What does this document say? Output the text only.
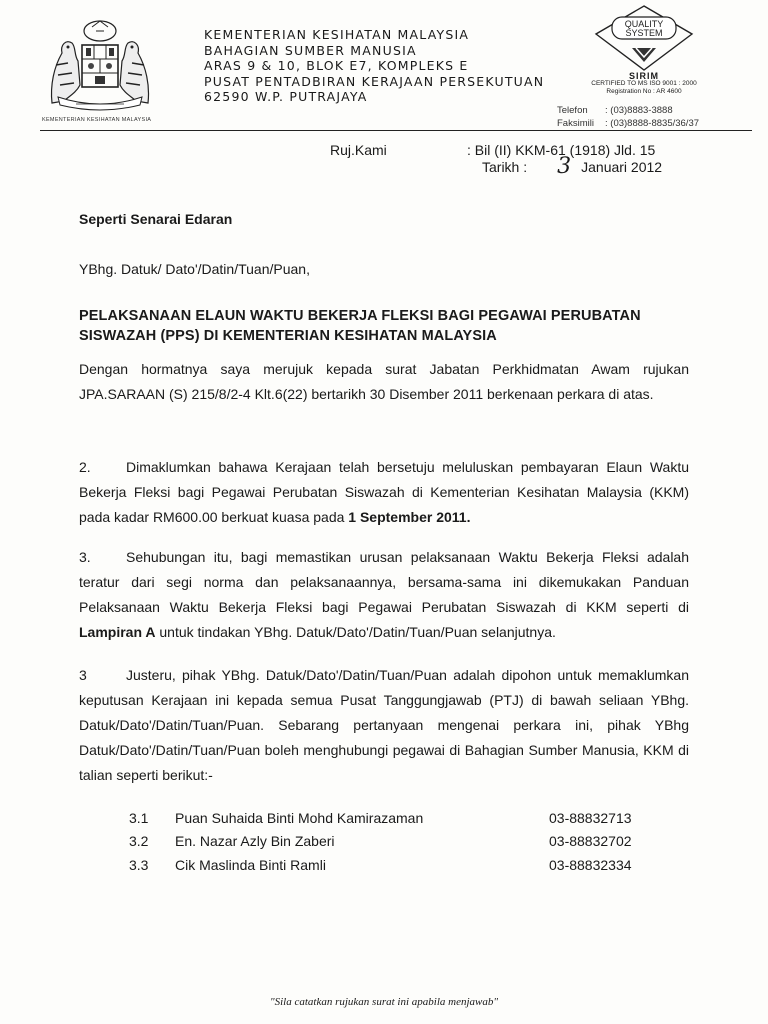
KEMENTERIAN KESIHATAN MALAYSIA
KEMENTERIAN KESIHATAN MALAYSIA
BAHAGIAN SUMBER MANUSIA
ARAS 9 & 10, BLOK E7, KOMPLEKS E
PUSAT PENTADBIRAN KERAJAAN PERSEKUTUAN
62590 W.P. PUTRAJAYA
QUALITY
SYSTEM
SIRIM
CERTIFIED TO MS ISO 9001 : 2000
Registration No : AR 4600
Telefon	: (03)8883-3888
Faksimili	: (03)8888-8835/36/37
Ruj.Kami	: Bil (II) KKM-61 (1918) Jld. 15
Tarikh : 3 Januari 2012
Seperti Senarai Edaran
YBhg. Datuk/ Dato'/Datin/Tuan/Puan,
PELAKSANAAN ELAUN WAKTU BEKERJA FLEKSI BAGI PEGAWAI PERUBATAN SISWAZAH (PPS) DI KEMENTERIAN KESIHATAN MALAYSIA
Dengan hormatnya saya merujuk kepada surat Jabatan Perkhidmatan Awam rujukan JPA.SARAAN (S) 215/8/2-4 Klt.6(22) bertarikh 30 Disember 2011 berkenaan perkara di atas.
2.	Dimaklumkan bahawa Kerajaan telah bersetuju meluluskan pembayaran Elaun Waktu Bekerja Fleksi bagi Pegawai Perubatan Siswazah di Kementerian Kesihatan Malaysia (KKM) pada kadar RM600.00 berkuat kuasa pada 1 September 2011.
3.	Sehubungan itu, bagi memastikan urusan pelaksanaan Waktu Bekerja Fleksi adalah teratur dari segi norma dan pelaksanaannya, bersama-sama ini dikemukakan Panduan Pelaksanaan Waktu Bekerja Fleksi bagi Pegawai Perubatan Siswazah di KKM seperti di Lampiran A untuk tindakan YBhg. Datuk/Dato'/Datin/Tuan/Puan selanjutnya.
3	Justeru, pihak YBhg. Datuk/Dato'/Datin/Tuan/Puan adalah dipohon untuk memaklumkan keputusan Kerajaan ini kepada semua Pusat Tanggungjawab (PTJ) di bawah seliaan YBhg. Datuk/Dato'/Datin/Tuan/Puan. Sebarang pertanyaan mengenai perkara ini, pihak YBhg Datuk/Dato'/Datin/Tuan/Puan boleh menghubungi pegawai di Bahagian Sumber Manusia, KKM di talian seperti berikut:-
3.1	Puan Suhaida Binti Mohd Kamirazaman	03-88832713
3.2	En. Nazar Azly Bin Zaberi	03-88832702
3.3	Cik Maslinda Binti Ramli	03-88832334
"Sila catatkan rujukan surat ini apabila menjawab"
